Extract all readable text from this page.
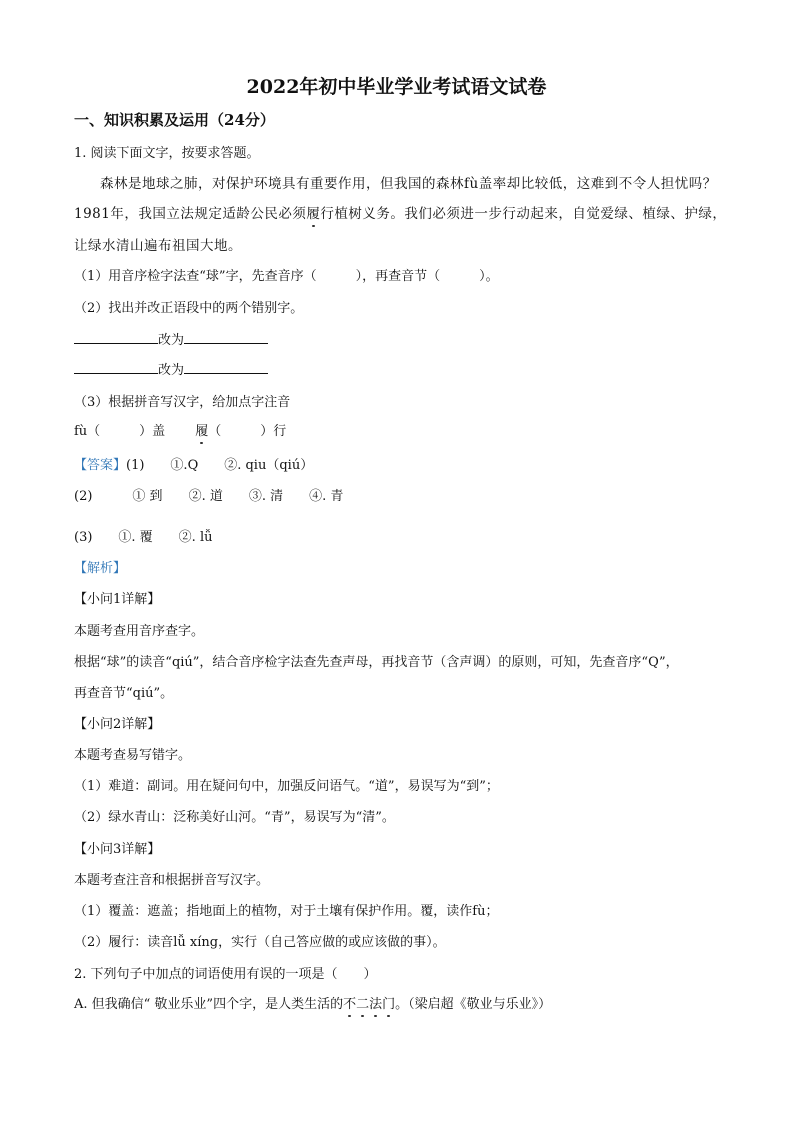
2022年初中毕业学业考试语文试卷
一、知识积累及运用（24分）
1. 阅读下面文字，按要求答题。
森林是地球之肺，对保护环境具有重要作用，但我国的森林fù盖率却比较低，这难到不令人担忧吗？
1981年，我国立法规定适龄公民必须履行植树义务。我们必须进一步行动起来，自觉爱绿、植绿、护绿，
让绿水清山遍布祖国大地。
（1）用音序检字法查“球”字，先查音序（　　　），再查音节（　　　）。
（2）找出并改正语段中的两个错别字。
改为
改为
（3）根据拼音写汉字，给加点字注音
fù（　　　）盖 履（　　　）行
【答案】(1)　　①.Q　　②. qiu（qiú）
(2)	① 到 ②. 道 ③. 清 ④. 青
(3)　　①. 覆　　②. lǚ
【解析】
【小问1详解】
本题考查用音序查字。
根据“球”的读音“qiú”，结合音序检字法查先查声母，再找音节（含声调）的原则，可知，先查音序“Q”，
再查音节“qiú”。
【小问2详解】
本题考查易写错字。
（1）难道：副词。用在疑问句中，加强反问语气。“道”，易误写为“到”；
（2）绿水青山：泛称美好山河。“青”，易误写为“清”。
【小问3详解】
本题考查注音和根据拼音写汉字。
（1）覆盖：遮盖；指地面上的植物，对于土壤有保护作用。覆，读作fù；
（2）履行：读音lǚ xíng，实行（自己答应做的或应该做的事）。
2. 下列句子中加点的词语使用有误的一项是（　　）
A. 但我确信“ 敬业乐业”四个字，是人类生活的不二法门。（梁启超《敬业与乐业》）
